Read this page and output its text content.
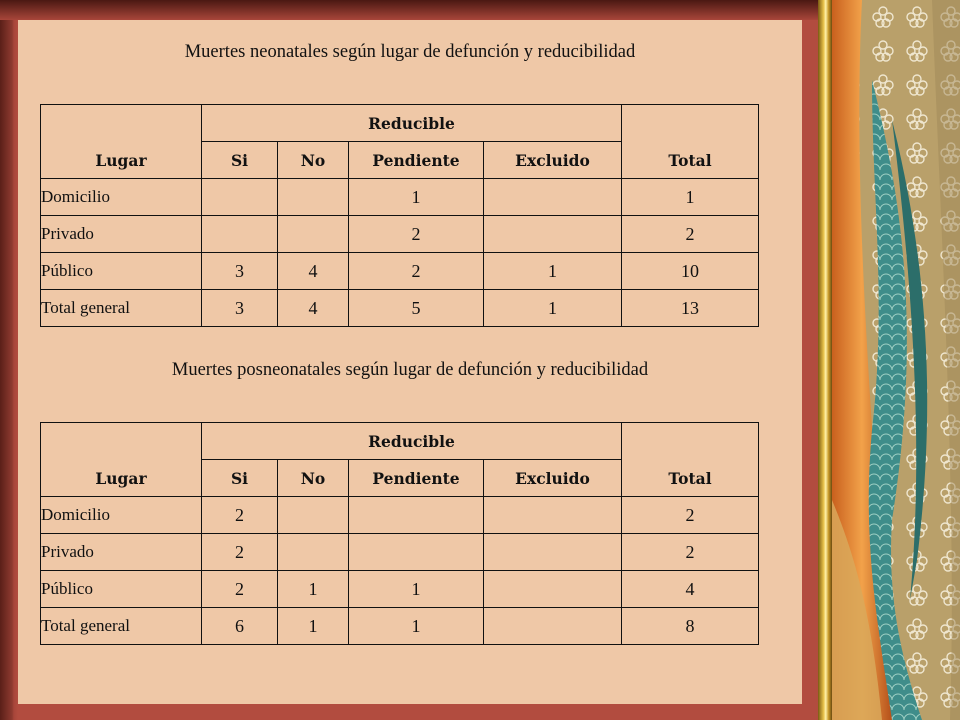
Muertes neonatales según lugar de defunción y reducibilidad
Lugar	Reducible				Total
	Si	No	Pendiente	Excluido	
Domicilio			1		1
Privado			2		2
Público	3	4	2	1	10
Total general	3	4	5	1	13
Muertes posneonatales según lugar de defunción y reducibilidad
Lugar	Reducible				Total
	Si	No	Pendiente	Excluido	
Domicilio	2				2
Privado	2				2
Público	2	1	1		4
Total general	6	1	1		8
